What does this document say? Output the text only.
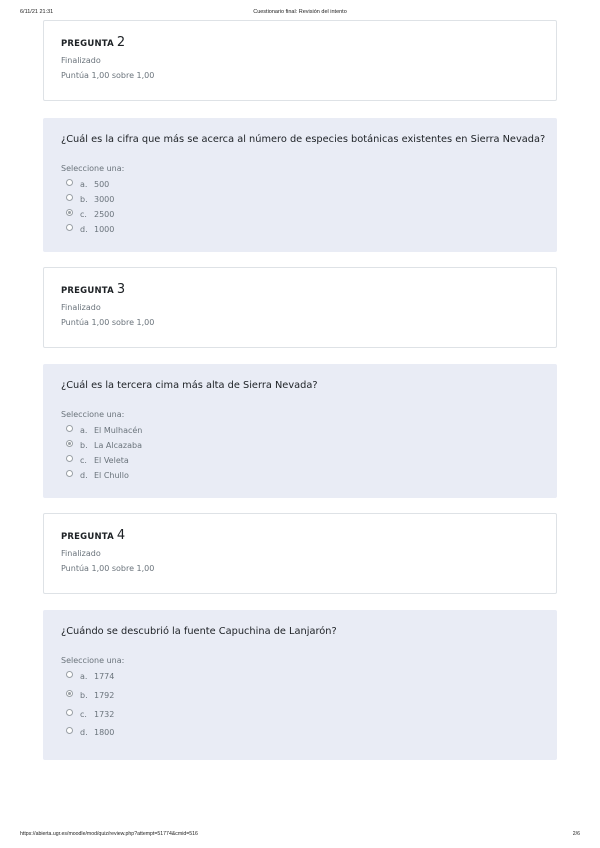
6/11/21 21:31	Cuestionario final: Revisión del intento
PREGUNTA 2
Finalizado
Puntúa 1,00 sobre 1,00
¿Cuál es la cifra que más se acerca al número de especies botánicas existentes en Sierra Nevada?
Seleccione una:
a. 500
b. 3000
c. 2500
d. 1000
PREGUNTA 3
Finalizado
Puntúa 1,00 sobre 1,00
¿Cuál es la tercera cima más alta de Sierra Nevada?
Seleccione una:
a. El Mulhacén
b. La Alcazaba
c. El Veleta
d. El Chullo
PREGUNTA 4
Finalizado
Puntúa 1,00 sobre 1,00
¿Cuándo se descubrió la fuente Capuchina de Lanjarón?
Seleccione una:
a. 1774
b. 1792
c. 1732
d. 1800
https://abierta.ugr.es/moodle/mod/quiz/review.php?attempt=51774&cmid=516	2/6
